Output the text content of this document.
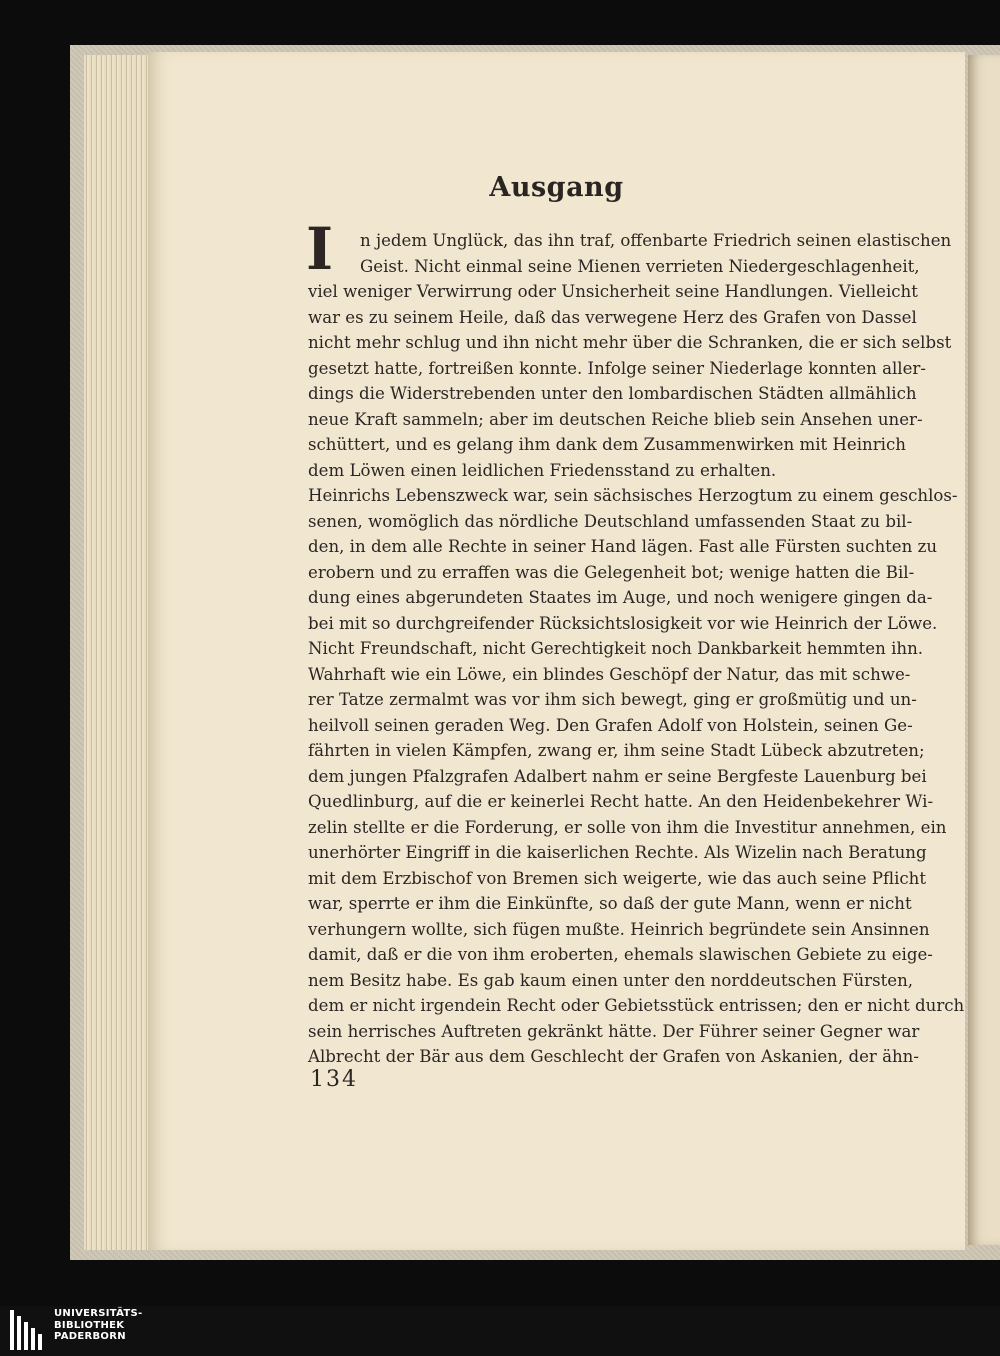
Ausgang
I n jedem Unglück, das ihn traf, offenbarte Friedrich seinen elastischen
Geist. Nicht einmal seine Mienen verrieten Niedergeschlagenheit,
viel weniger Verwirrung oder Unsicherheit seine Handlungen. Vielleicht
war es zu seinem Heile, daß das verwegene Herz des Grafen von Dassel
nicht mehr schlug und ihn nicht mehr über die Schranken, die er sich selbst
gesetzt hatte, fortreißen konnte. Infolge seiner Niederlage konnten aller-
dings die Widerstrebenden unter den lombardischen Städten allmählich
neue Kraft sammeln; aber im deutschen Reiche blieb sein Ansehen uner-
schüttert, und es gelang ihm dank dem Zusammenwirken mit Heinrich
dem Löwen einen leidlichen Friedensstand zu erhalten.
Heinrichs Lebenszweck war, sein sächsisches Herzogtum zu einem geschlos-
senen, womöglich das nördliche Deutschland umfassenden Staat zu bil-
den, in dem alle Rechte in seiner Hand lägen. Fast alle Fürsten suchten zu
erobern und zu erraffen was die Gelegenheit bot; wenige hatten die Bil-
dung eines abgerundeten Staates im Auge, und noch wenigere gingen da-
bei mit so durchgreifender Rücksichtslosigkeit vor wie Heinrich der Löwe.
Nicht Freundschaft, nicht Gerechtigkeit noch Dankbarkeit hemmten ihn.
Wahrhaft wie ein Löwe, ein blindes Geschöpf der Natur, das mit schwe-
rer Tatze zermalmt was vor ihm sich bewegt, ging er großmütig und un-
heilvoll seinen geraden Weg. Den Grafen Adolf von Holstein, seinen Ge-
fährten in vielen Kämpfen, zwang er, ihm seine Stadt Lübeck abzutreten;
dem jungen Pfalzgrafen Adalbert nahm er seine Bergfeste Lauenburg bei
Quedlinburg, auf die er keinerlei Recht hatte. An den Heidenbekehrer Wi-
zelin stellte er die Forderung, er solle von ihm die Investitur annehmen, ein
unerhörter Eingriff in die kaiserlichen Rechte. Als Wizelin nach Beratung
mit dem Erzbischof von Bremen sich weigerte, wie das auch seine Pflicht
war, sperrte er ihm die Einkünfte, so daß der gute Mann, wenn er nicht
verhungern wollte, sich fügen mußte. Heinrich begründete sein Ansinnen
damit, daß er die von ihm eroberten, ehemals slawischen Gebiete zu eige-
nem Besitz habe. Es gab kaum einen unter den norddeutschen Fürsten,
dem er nicht irgendein Recht oder Gebietsstück entrissen; den er nicht durch
sein herrisches Auftreten gekränkt hätte. Der Führer seiner Gegner war
Albrecht der Bär aus dem Geschlecht der Grafen von Askanien, der ähn-
134
UNIVERSITÄTS-
BIBLIOTHEK
PADERBORN
